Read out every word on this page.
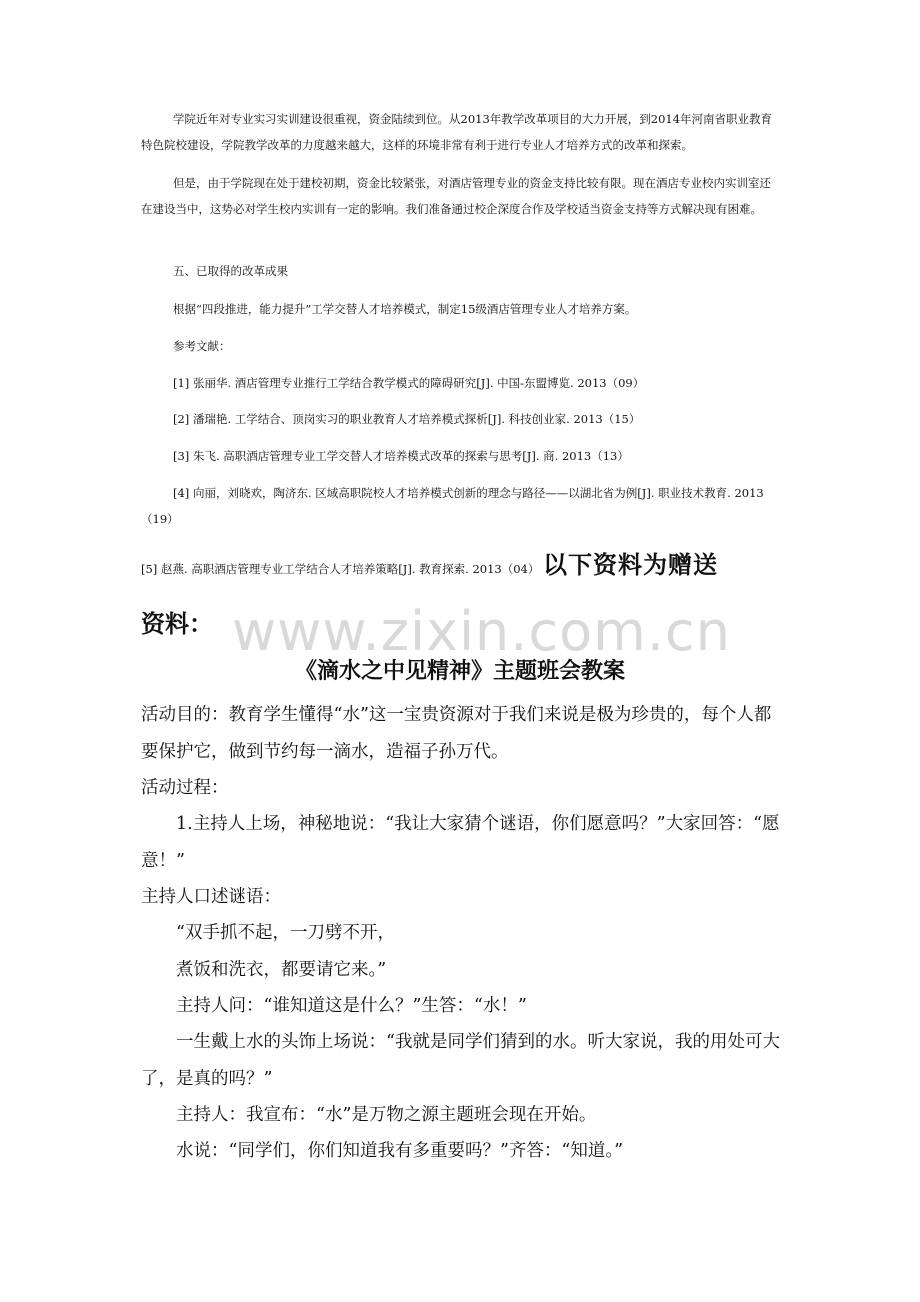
学院近年对专业实习实训建设很重视，资金陆续到位。从2013年教学改革项目的大力开展，到2014年河南省职业教育特色院校建设，学院教学改革的力度越来越大，这样的环境非常有利于进行专业人才培养方式的改革和探索。

但是，由于学院现在处于建校初期，资金比较紧张，对酒店管理专业的资金支持比较有限。现在酒店专业校内实训室还在建设当中，这势必对学生校内实训有一定的影响。我们准备通过校企深度合作及学校适当资金支持等方式解决现有困难。

五、已取得的改革成果

根据“四段推进，能力提升”工学交替人才培养模式，制定15级酒店管理专业人才培养方案。

参考文献：

[1] 张丽华. 酒店管理专业推行工学结合教学模式的障碍研究[J]. 中国-东盟博览. 2013（09）

[2] 潘瑞艳. 工学结合、顶岗实习的职业教育人才培养模式探析[J]. 科技创业家. 2013（15）

[3] 朱飞. 高职酒店管理专业工学交替人才培养模式改革的探索与思考[J]. 商. 2013（13）

[4] 向丽，刘晓欢，陶济东. 区域高职院校人才培养模式创新的理念与路径——以湖北省为例[J]. 职业技术教育. 2013（19）

[5] 赵燕. 高职酒店管理专业工学结合人才培养策略[J]. 教育探索. 2013（04） 以下资料为赠送

资料： www.zixin.com.cn

《滴水之中见精神》主题班会教案

活动目的：教育学生懂得“水”这一宝贵资源对于我们来说是极为珍贵的，每个人都要保护它，做到节约每一滴水，造福子孙万代。

活动过程：

1.主持人上场，神秘地说：“我让大家猜个谜语，你们愿意吗？”大家回答：“愿意！”

主持人口述谜语：

“双手抓不起，一刀劈不开，

煮饭和洗衣，都要请它来。”

主持人问：“谁知道这是什么？”生答：“水！”

一生戴上水的头饰上场说：“我就是同学们猜到的水。听大家说，我的用处可大了，是真的吗？”

主持人：我宣布：“水”是万物之源主题班会现在开始。

水说：“同学们，你们知道我有多重要吗？”齐答：“知道。”
